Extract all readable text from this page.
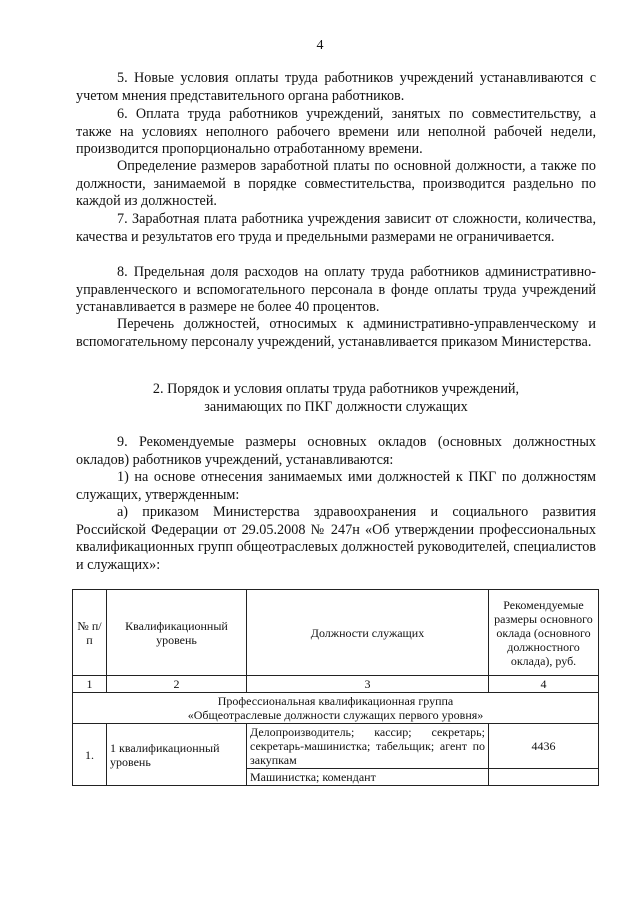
4

5. Новые условия оплаты труда работников учреждений устанавливаются с учетом мнения представительного органа работников.

6. Оплата труда работников учреждений, занятых по совместительству, а также на условиях неполного рабочего времени или неполной рабочей недели, производится пропорционально отработанному времени.

Определение размеров заработной платы по основной должности, а также по должности, занимаемой в порядке совместительства, производится раздельно по каждой из должностей.

7. Заработная плата работника учреждения зависит от сложности, количества, качества и результатов его труда и предельными размерами не ограничивается.

8. Предельная доля расходов на оплату труда работников административно-управленческого и вспомогательного персонала в фонде оплаты труда учреждений устанавливается в размере не более 40 процентов.

Перечень должностей, относимых к административно-управленческому и вспомогательному персоналу учреждений, устанавливается приказом Министерства.

2. Порядок и условия оплаты труда работников учреждений,
занимающих по ПКГ должности служащих

9. Рекомендуемые размеры основных окладов (основных должностных окладов) работников учреждений, устанавливаются:

1) на основе отнесения занимаемых ими должностей к ПКГ по должностям служащих, утвержденным:

а) приказом Министерства здравоохранения и социального развития Российской Федерации от 29.05.2008 № 247н «Об утверждении профессиональных квалификационных групп общеотраслевых должностей руководителей, специалистов и служащих»:

№ п/п	Квалификационный уровень	Должности служащих	Рекомендуемые размеры основного оклада (основного должностного оклада), руб.
1	2	3	4

Профессиональная квалификационная группа
«Общеотраслевые должности служащих первого уровня»			

1.	1 квалификационный уровень	Делопроизводитель; кассир; секретарь; секретарь-машинистка; табельщик; агент по закупкам	4436
		Машинистка; комендант	
